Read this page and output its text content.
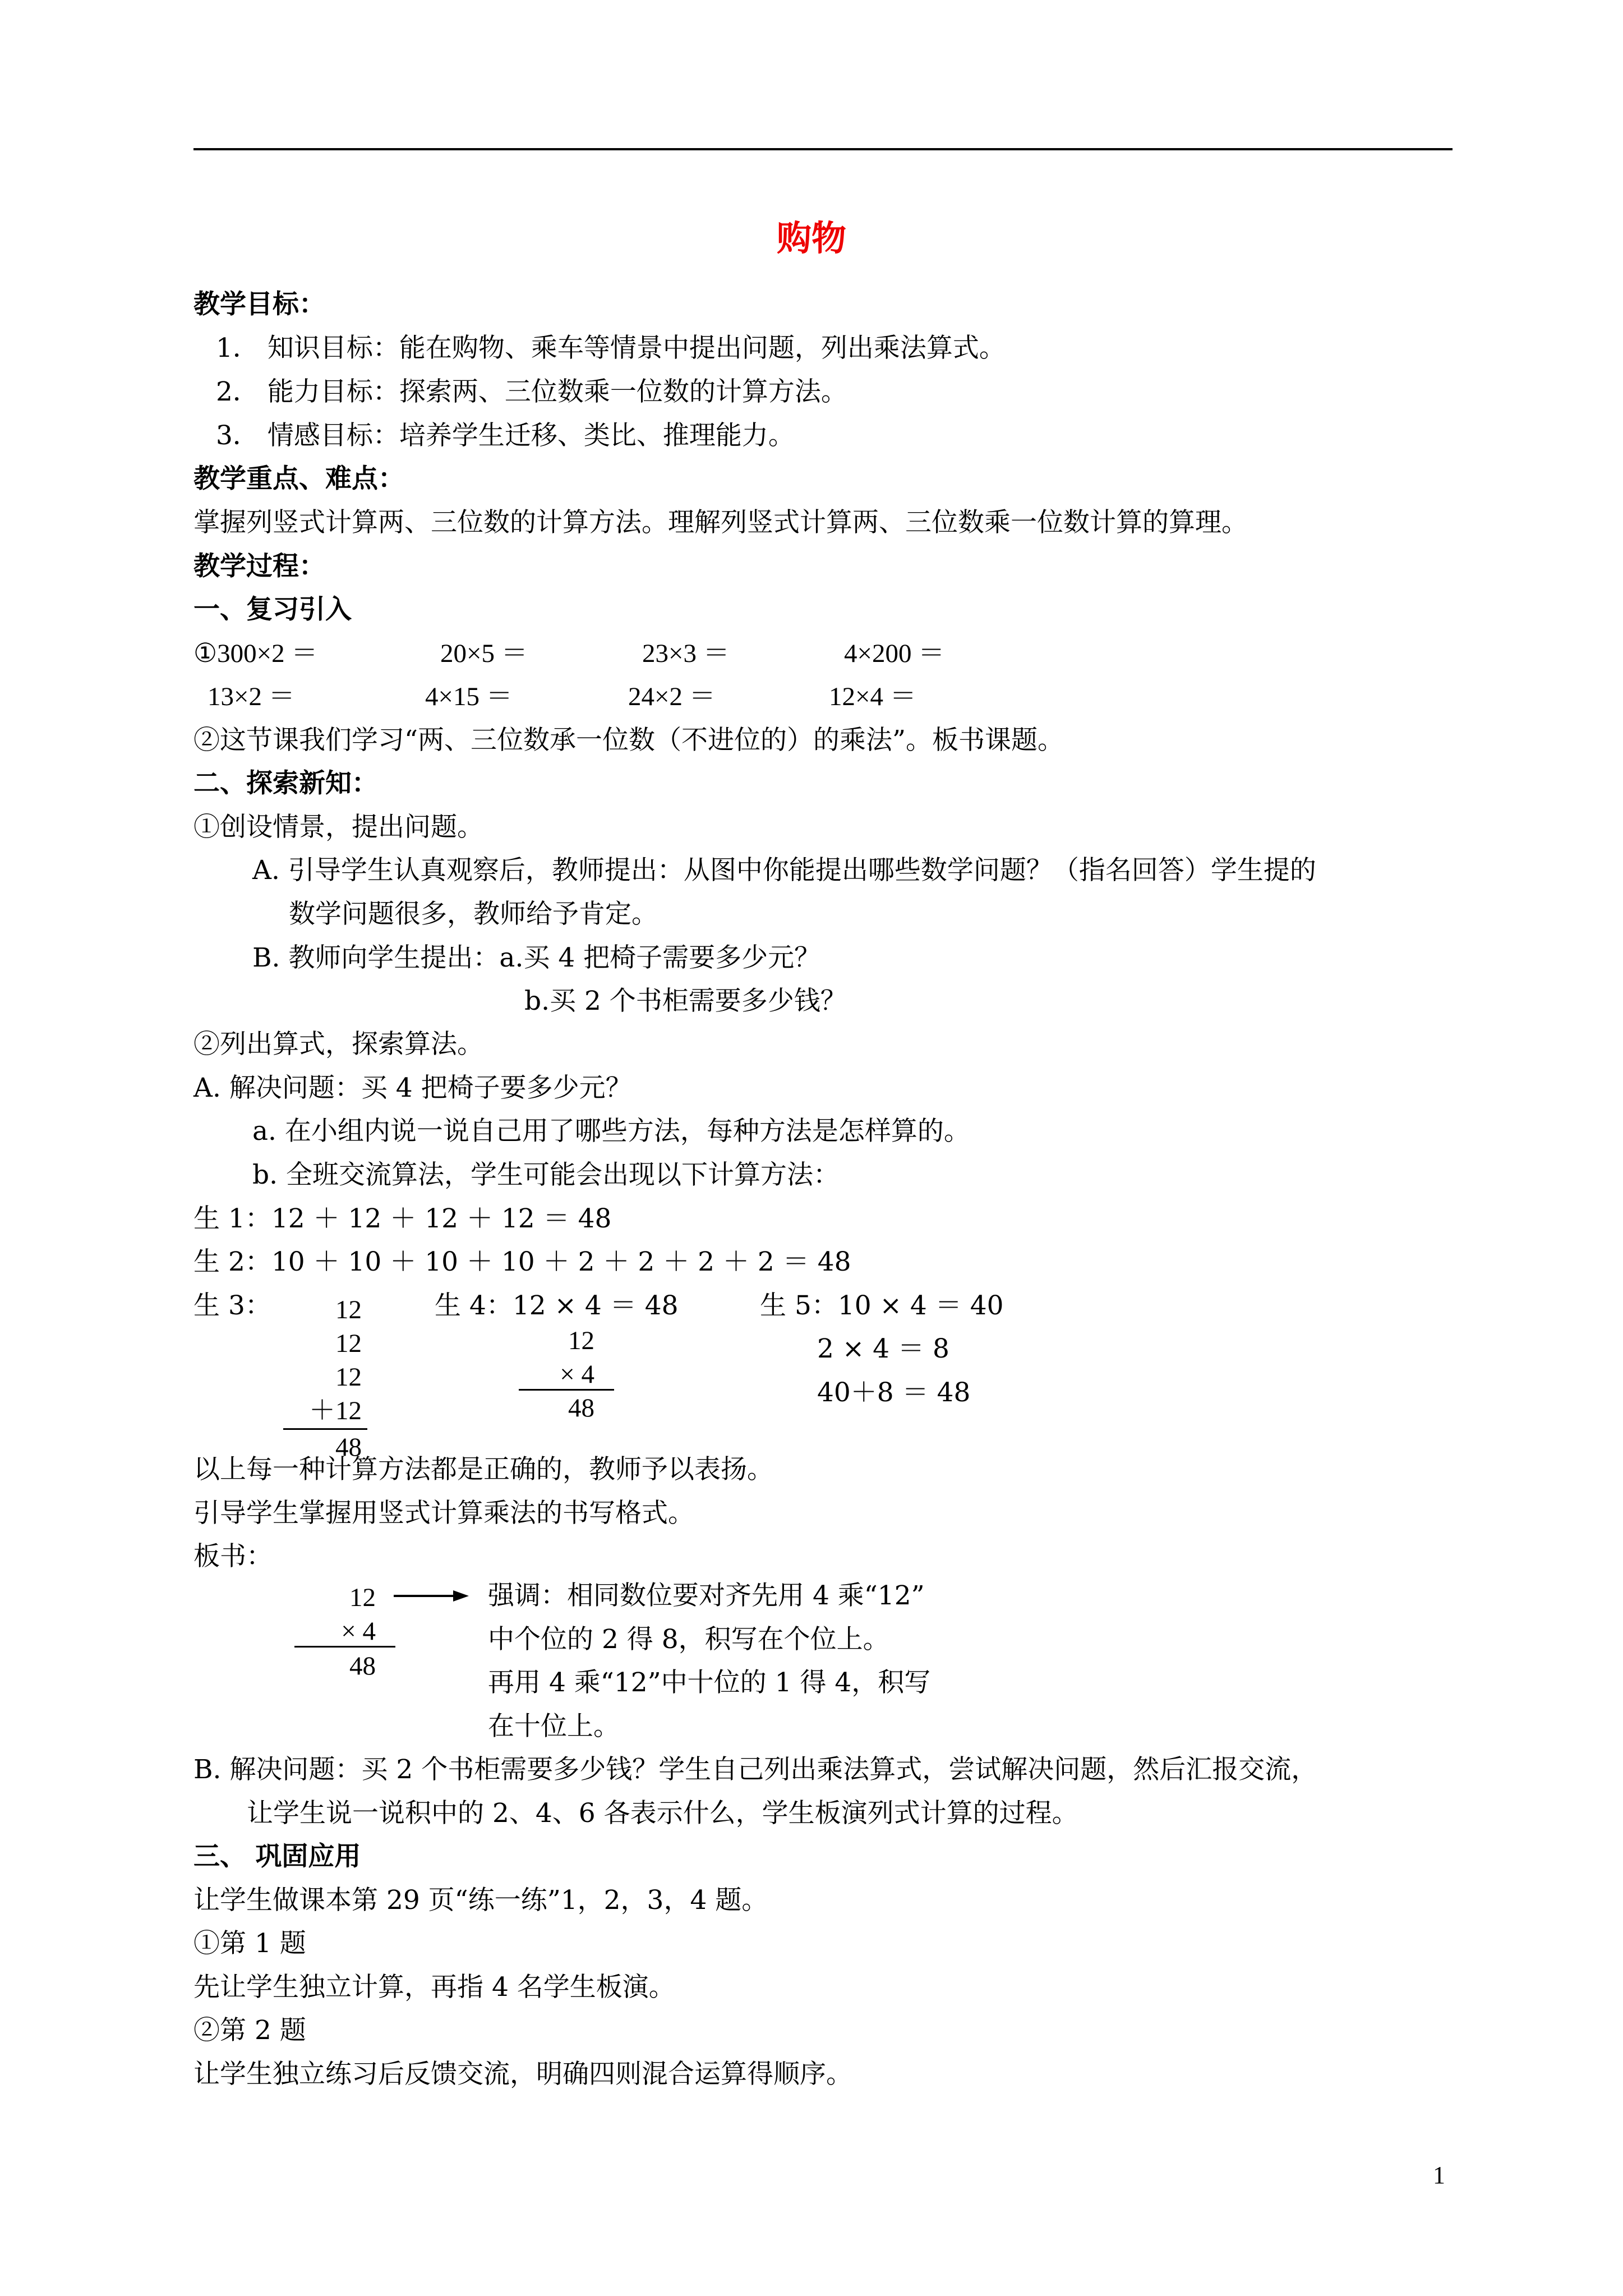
购物
教学目标：
1． 知识目标：能在购物、乘车等情景中提出问题，列出乘法算式。
2． 能力目标：探索两、三位数乘一位数的计算方法。
3． 情感目标：培养学生迁移、类比、推理能力。
教学重点、难点：
掌握列竖式计算两、三位数的计算方法。理解列竖式计算两、三位数乘一位数计算的算理。
教学过程：
一、复习引入
①300×2 ＝	20×5 ＝	23×3 ＝	4×200 ＝
13×2 ＝	4×15 ＝	24×2 ＝	12×4 ＝
②这节课我们学习“两、三位数承一位数（不进位的）的乘法”。板书课题。
二、探索新知：
①创设情景，提出问题。
A. 引导学生认真观察后，教师提出：从图中你能提出哪些数学问题？（指名回答）学生提的
数学问题很多，教师给予肯定。
B. 教师向学生提出：a.买 4 把椅子需要多少元？
b.买 2 个书柜需要多少钱？
②列出算式，探索算法。
A. 解决问题：买 4 把椅子要多少元？
a. 在小组内说一说自己用了哪些方法，每种方法是怎样算的。
b. 全班交流算法，学生可能会出现以下计算方法：
生 1：12 ＋ 12 ＋ 12 ＋ 12 ＝ 48
生 2：10 ＋ 10 ＋ 10 ＋ 10 ＋ 2 ＋ 2 ＋ 2 ＋ 2 ＝ 48
生 3：	12
12
12
＋12
48
生 4：12 × 4 ＝ 48
12
× 4
48
生 5：10 × 4 ＝ 40
2 × 4 ＝ 8
40＋8 ＝ 48
以上每一种计算方法都是正确的，教师予以表扬。
引导学生掌握用竖式计算乘法的书写格式。
板书：
12
× 4
48
强调：相同数位要对齐先用 4 乘“12”
中个位的 2 得 8，积写在个位上。
再用 4 乘“12”中十位的 1 得 4，积写
在十位上。
B. 解决问题：买 2 个书柜需要多少钱？学生自己列出乘法算式，尝试解决问题，然后汇报交流，
让学生说一说积中的 2、4、6 各表示什么，学生板演列式计算的过程。
三、 巩固应用
让学生做课本第 29 页“练一练”1，2，3，4 题。
①第 1 题
先让学生独立计算，再指 4 名学生板演。
②第 2 题
让学生独立练习后反馈交流，明确四则混合运算得顺序。
1
